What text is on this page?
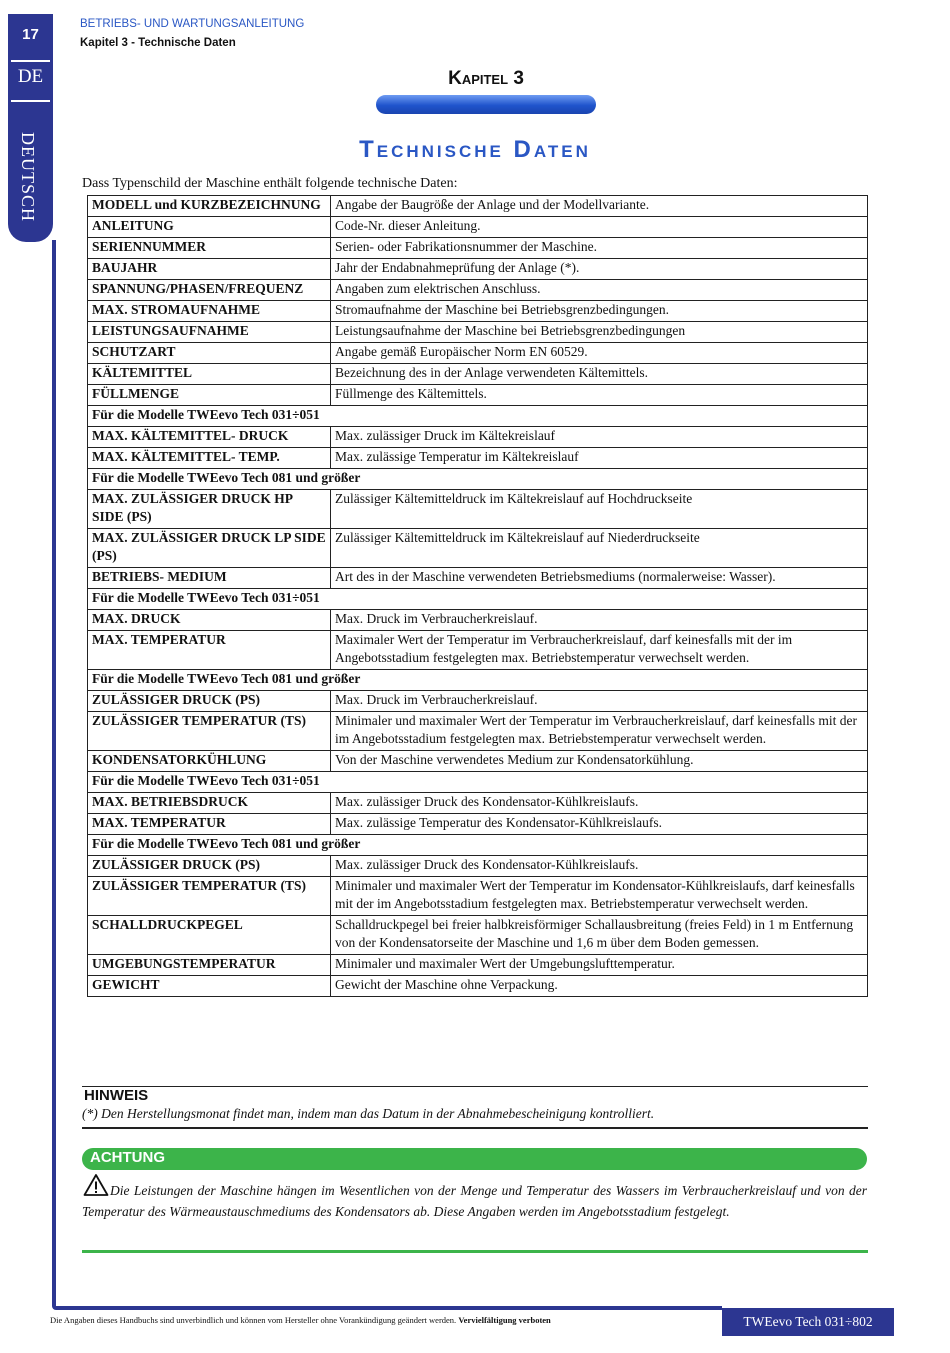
17
DE
DEUTSCH
BETRIEBS- UND WARTUNGSANLEITUNG
Kapitel 3 - Technische Daten
Kapitel 3
Technische Daten
Dass Typenschild der Maschine enthält folgende technische Daten:
MODELL und KURZBEZEICHNUNG	Angabe der Baugröße der Anlage und der Modellvariante.
ANLEITUNG	Code-Nr. dieser Anleitung.
SERIENNUMMER	Serien- oder Fabrikationsnummer der Maschine.
BAUJAHR	Jahr der Endabnahmeprüfung der Anlage (*).
SPANNUNG/PHASEN/FREQUENZ	Angaben zum elektrischen Anschluss.
MAX. STROMAUFNAHME	Stromaufnahme der Maschine bei Betriebsgrenzbedingungen.
LEISTUNGSAUFNAHME	Leistungsaufnahme der Maschine bei Betriebsgrenzbedingungen
SCHUTZART	Angabe gemäß Europäischer Norm EN 60529.
KÄLTEMITTEL	Bezeichnung des in der Anlage verwendeten Kältemittels.
FÜLLMENGE	Füllmenge des Kältemittels.
Für die Modelle TWEevo Tech 031÷051	
MAX. KÄLTEMITTEL- DRUCK	Max. zulässiger Druck im Kältekreislauf
MAX. KÄLTEMITTEL- TEMP.	Max. zulässige Temperatur im Kältekreislauf
Für die Modelle TWEevo Tech 081 und größer	
MAX. ZULÄSSIGER DRUCK HP SIDE (PS)	Zulässiger Kältemitteldruck im Kältekreislauf auf Hochdruckseite
MAX. ZULÄSSIGER DRUCK LP SIDE (PS)	Zulässiger Kältemitteldruck im Kältekreislauf auf Niederdruckseite
BETRIEBS- MEDIUM	Art des in der Maschine verwendeten Betriebsmediums (normalerweise: Wasser).
Für die Modelle TWEevo Tech 031÷051	
MAX. DRUCK	Max. Druck im Verbraucherkreislauf.
MAX. TEMPERATUR	Maximaler Wert der Temperatur im Verbraucherkreislauf, darf keinesfalls mit der im Angebotsstadium festgelegten max. Betriebstemperatur verwechselt werden.
Für die Modelle TWEevo Tech 081 und größer	
ZULÄSSIGER DRUCK (PS)	Max. Druck im Verbraucherkreislauf.
ZULÄSSIGER TEMPERATUR (TS)	Minimaler und maximaler Wert der Temperatur im Verbraucherkreislauf, darf keinesfalls mit der im Angebotsstadium festgelegten max. Betriebstemperatur verwechselt werden.
KONDENSATORKÜHLUNG	Von der Maschine verwendetes Medium zur Kondensatorkühlung.
Für die Modelle TWEevo Tech 031÷051	
MAX. BETRIEBSDRUCK	Max. zulässiger Druck des Kondensator-Kühlkreislaufs.
MAX. TEMPERATUR	Max. zulässige Temperatur des Kondensator-Kühlkreislaufs.
Für die Modelle TWEevo Tech 081 und größer	
ZULÄSSIGER DRUCK (PS)	Max. zulässiger Druck des Kondensator-Kühlkreislaufs.
ZULÄSSIGER TEMPERATUR (TS)	Minimaler und maximaler Wert der Temperatur im Kondensator-Kühlkreislaufs, darf keinesfalls mit der im Angebotsstadium festgelegten max. Betriebstemperatur verwechselt werden.
SCHALLDRUCKPEGEL	Schalldruckpegel bei freier halbkreisförmiger Schallausbreitung (freies Feld) in 1 m Entfernung von der Kondensatorseite der Maschine und 1,6 m über dem Boden gemessen.
UMGEBUNGSTEMPERATUR	Minimaler und maximaler Wert der Umgebungslufttemperatur.
GEWICHT	Gewicht der Maschine ohne Verpackung.
HINWEIS
(*) Den Herstellungsmonat findet man, indem man das Datum in der Abnahmebescheinigung kontrolliert.
ACHTUNG
Die Leistungen der Maschine hängen im Wesentlichen von der Menge und Temperatur des Wassers im Verbraucherkreislauf und von der Temperatur des Wärmeaustauschmediums des Kondensators ab. Diese Angaben werden im Angebotsstadium festgelegt.
Die Angaben dieses Handbuchs sind unverbindlich und können vom Hersteller ohne Vorankündigung geändert werden. Vervielfältigung verboten	TWEevo Tech 031÷802
